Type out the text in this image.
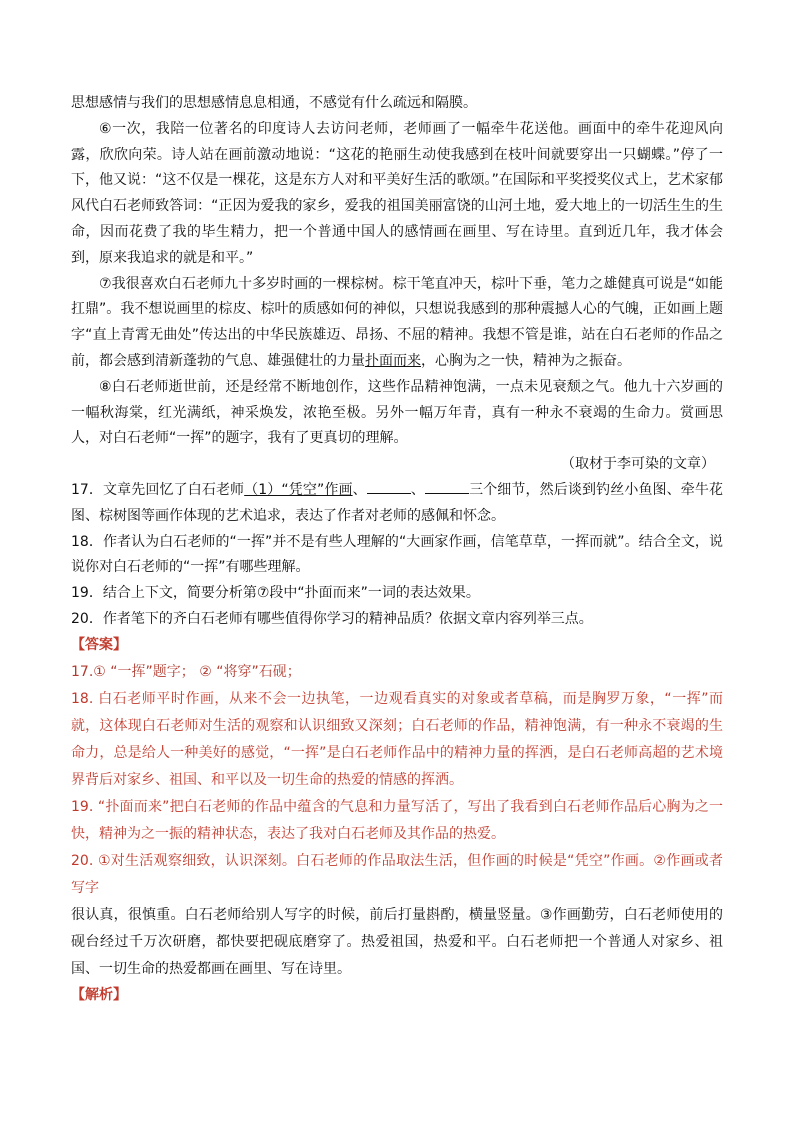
思想感情与我们的思想感情息息相通，不感觉有什么疏远和隔膜。

⑥一次，我陪一位著名的印度诗人去访问老师，老师画了一幅牵牛花送他。画面中的牵牛花迎风向露，欣欣向荣。诗人站在画前激动地说：“这花的艳丽生动使我感到在枝叶间就要穿出一只蝴蝶。”停了一下，他又说：“这不仅是一棵花，这是东方人对和平美好生活的歌颂。”在国际和平奖授奖仪式上，艺术家郁风代白石老师致答词：“正因为爱我的家乡，爱我的祖国美丽富饶的山河土地，爱大地上的一切活生生的生命，因而花费了我的毕生精力，把一个普通中国人的感情画在画里、写在诗里。直到近几年，我才体会到，原来我追求的就是和平。”

⑦我很喜欢白石老师九十多岁时画的一棵棕树。棕干笔直冲天，棕叶下垂，笔力之雄健真可说是“如能扛鼎”。我不想说画里的棕皮、棕叶的质感如何的神似，只想说我感到的那种震撼人心的气魄，正如画上题字“直上青霄无曲处”传达出的中华民族雄迈、昂扬、不屈的精神。我想不管是谁，站在白石老师的作品之前，都会感到清新蓬勃的气息、雄强健壮的力量扑面而来，心胸为之一快，精神为之振奋。

⑧白石老师逝世前，还是经常不断地创作，这些作品精神饱满，一点未见衰颓之气。他九十六岁画的一幅秋海棠，红光满纸，神采焕发，浓艳至极。另外一幅万年青，真有一种永不衰竭的生命力。赏画思人，对白石老师“一挥”的题字，我有了更真切的理解。

（取材于李可染的文章）

17．文章先回忆了白石老师（1）“凭空”作画、	、	三个细节，然后谈到钓丝小鱼图、牵牛花图、棕树图等画作体现的艺术追求，表达了作者对老师的感佩和怀念。

18．作者认为白石老师的“一挥”并不是有些人理解的“大画家作画，信笔草草，一挥而就”。结合全文，说说你对白石老师的“一挥”有哪些理解。

19．结合上下文，简要分析第⑦段中“扑面而来”一词的表达效果。

20．作者笔下的齐白石老师有哪些值得你学习的精神品质？依据文章内容列举三点。

【答案】

17.① “一挥”题字； ② “将穿”石砚；

18. 白石老师平时作画，从来不会一边执笔，一边观看真实的对象或者草稿，而是胸罗万象，“一挥”而就，这体现白石老师对生活的观察和认识细致又深刻；白石老师的作品，精神饱满，有一种永不衰竭的生命力，总是给人一种美好的感觉，“一挥”是白石老师作品中的精神力量的挥洒，是白石老师高超的艺术境界背后对家乡、祖国、和平以及一切生命的热爱的情感的挥洒。

19. “扑面而来”把白石老师的作品中蕴含的气息和力量写活了，写出了我看到白石老师作品后心胸为之一快，精神为之一振的精神状态，表达了我对白石老师及其作品的热爱。

20. ①对生活观察细致，认识深刻。白石老师的作品取法生活，但作画的时候是“凭空”作画。②作画或者写字

很认真，很慎重。白石老师给别人写字的时候，前后打量斟酌，横量竖量。③作画勤劳，白石老师使用的砚台经过千万次研磨，都快要把砚底磨穿了。热爱祖国，热爱和平。白石老师把一个普通人对家乡、祖国、一切生命的热爱都画在画里、写在诗里。

【解析】
